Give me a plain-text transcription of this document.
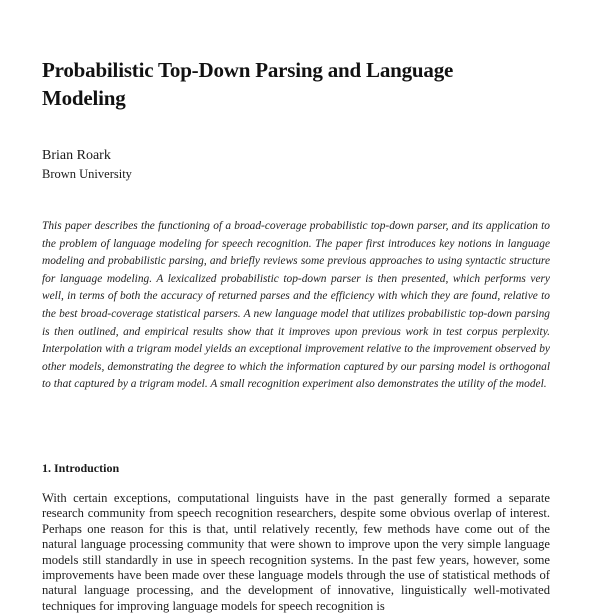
Probabilistic Top-Down Parsing and Language Modeling
Brian Roark
Brown University

This paper describes the functioning of a broad-coverage probabilistic top-down parser, and its application to the problem of language modeling for speech recognition. The paper first introduces key notions in language modeling and probabilistic parsing, and briefly reviews some previous approaches to using syntactic structure for language modeling. A lexicalized probabilistic top-down parser is then presented, which performs very well, in terms of both the accuracy of returned parses and the efficiency with which they are found, relative to the best broad-coverage statistical parsers. A new language model that utilizes probabilistic top-down parsing is then outlined, and empirical results show that it improves upon previous work in test corpus perplexity. Interpolation with a trigram model yields an exceptional improvement relative to the improvement observed by other models, demonstrating the degree to which the information captured by our parsing model is orthogonal to that captured by a trigram model. A small recognition experiment also demonstrates the utility of the model.

1. Introduction

With certain exceptions, computational linguists have in the past generally formed a separate research community from speech recognition researchers, despite some obvious overlap of interest. Perhaps one reason for this is that, until relatively recently, few methods have come out of the natural language processing community that were shown to improve upon the very simple language models still standardly in use in speech recognition systems. In the past few years, however, some improvements have been made over these language models through the use of statistical methods of natural language processing, and the development of innovative, linguistically well-motivated techniques for improving language models for speech recognition is
